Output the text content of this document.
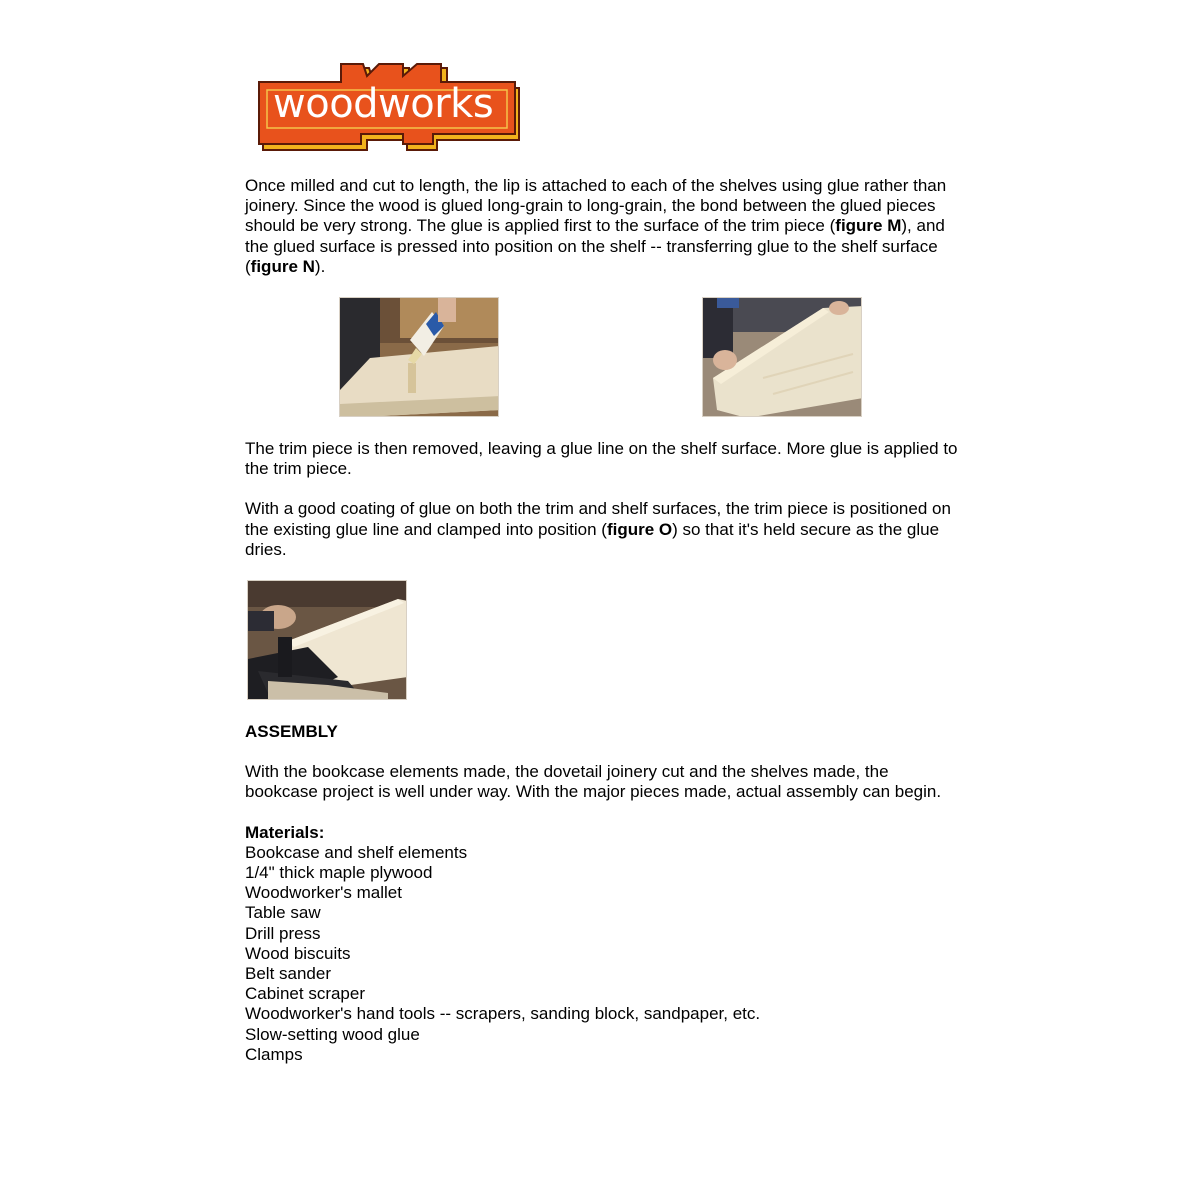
woodworks

Once milled and cut to length, the lip is attached to each of the shelves using glue rather than joinery. Since the wood is glued long-grain to long-grain, the bond between the glued pieces should be very strong. The glue is applied first to the surface of the trim piece (figure M), and the glued surface is pressed into position on the shelf -- transferring glue to the shelf surface (figure N).

The trim piece is then removed, leaving a glue line on the shelf surface. More glue is applied to the trim piece.

With a good coating of glue on both the trim and shelf surfaces, the trim piece is positioned on the existing glue line and clamped into position (figure O) so that it's held secure as the glue dries.

ASSEMBLY

With the bookcase elements made, the dovetail joinery cut and the shelves made, the bookcase project is well under way. With the major pieces made, actual assembly can begin.

Materials:

Bookcase and shelf elements
1/4" thick maple plywood
Woodworker's mallet
Table saw
Drill press
Wood biscuits
Belt sander
Cabinet scraper
Woodworker's hand tools -- scrapers, sanding block, sandpaper, etc.
Slow-setting wood glue
Clamps
